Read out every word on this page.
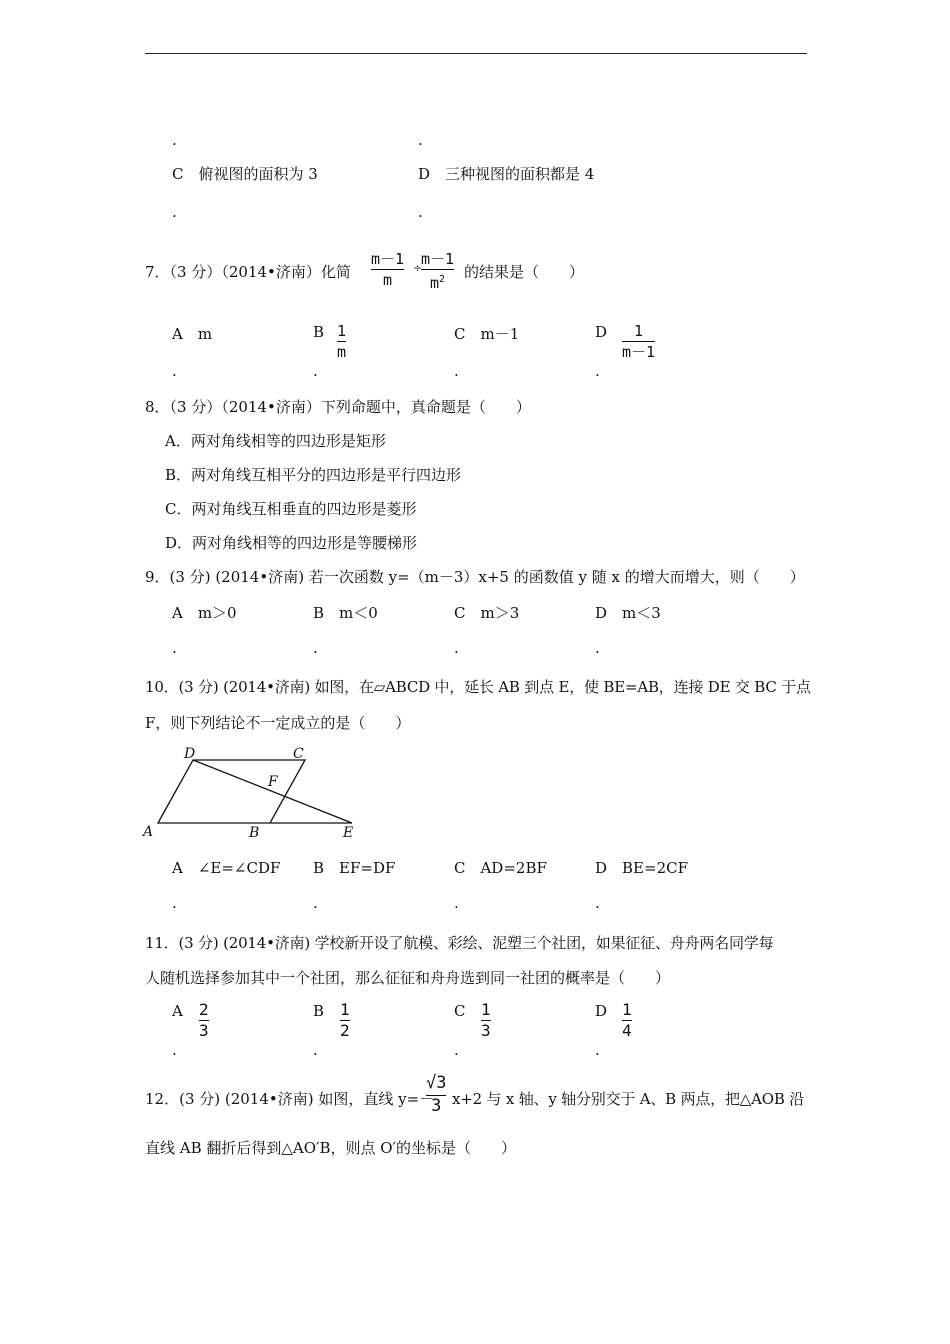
.	.
C　俯视图的面积为 3	D　三种视图的面积都是 4
.	.
7．（3 分）（2014•济南）化简
m－1
m
÷
m－1
$m^2$	的结果是（　　）
A　m	B 1
m
C　m－1	D	1
m－1
.	.	.	.
8．（3 分）（2014•济南）下列命题中，真命题是（　　）
A．两对角线相等的四边形是矩形
B．两对角线互相平分的四边形是平行四边形
C．两对角线互相垂直的四边形是菱形
D．两对角线相等的四边形是等腰梯形
9．(3 分) (2014•济南) 若一次函数 y=（m－3）x+5 的函数值 y 随 x 的增大而增大，则（　　）
A　m＞0	B　m＜0	C　m＞3	D　m＜3
.	.	.	.
10．(3 分) (2014•济南) 如图，在▱ABCD 中，延长 AB 到点 E，使 BE=AB，连接 DE 交 BC 于点
F，则下列结论不一定成立的是（　　）
D	C
F
A	B	E
A　∠E=∠CDF B　EF=DF	C　AD=2BF	D　BE=2CF
.	.	.	.
11．(3 分) (2014•济南) 学校新开设了航模、彩绘、泥塑三个社团，如果征征、舟舟两名同学每
人随机选择参加其中一个社团，那么征征和舟舟选到同一社团的概率是（　　）
A 2
3
B 1
2
C 1
3
D 1
4
.	.	.	.
12．(3 分) (2014•济南) 如图，直线 y=－
√3
3 x+2 与 x 轴、y 轴分别交于 A、B 两点，把△AOB 沿
直线 AB 翻折后得到△AO′B，则点 O′的坐标是（　　）
